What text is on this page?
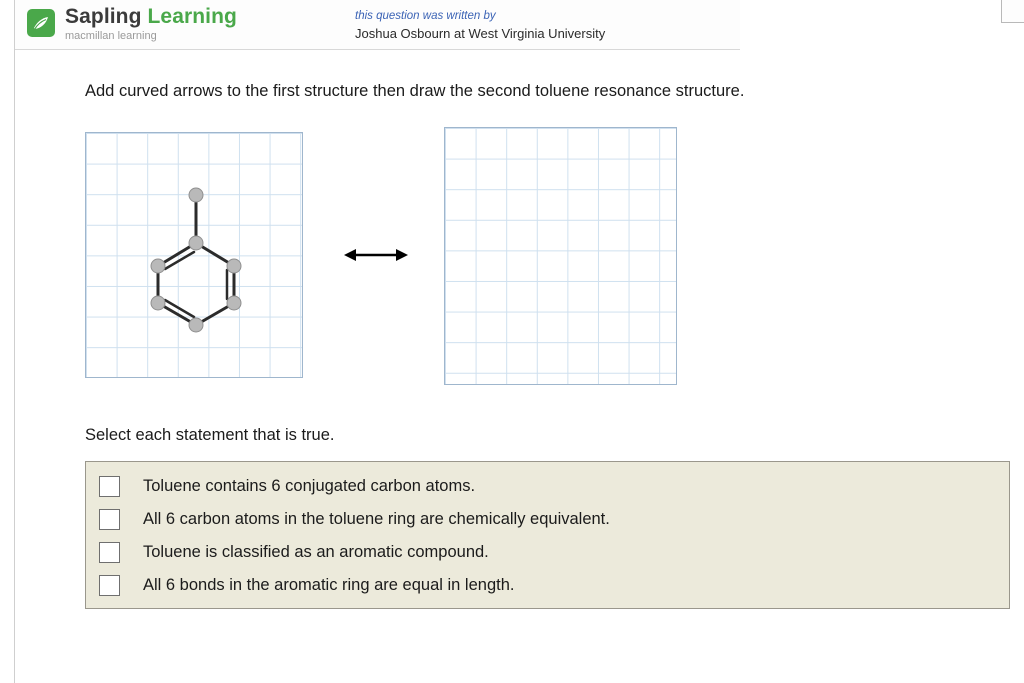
Sapling Learning
macmillan learning
this question was written by
Joshua Osbourn at West Virginia University
Add curved arrows to the first structure then draw the second toluene resonance structure.
Select each statement that is true.
Toluene contains 6 conjugated carbon atoms.
All 6 carbon atoms in the toluene ring are chemically equivalent.
Toluene is classified as an aromatic compound.
All 6 bonds in the aromatic ring are equal in length.
